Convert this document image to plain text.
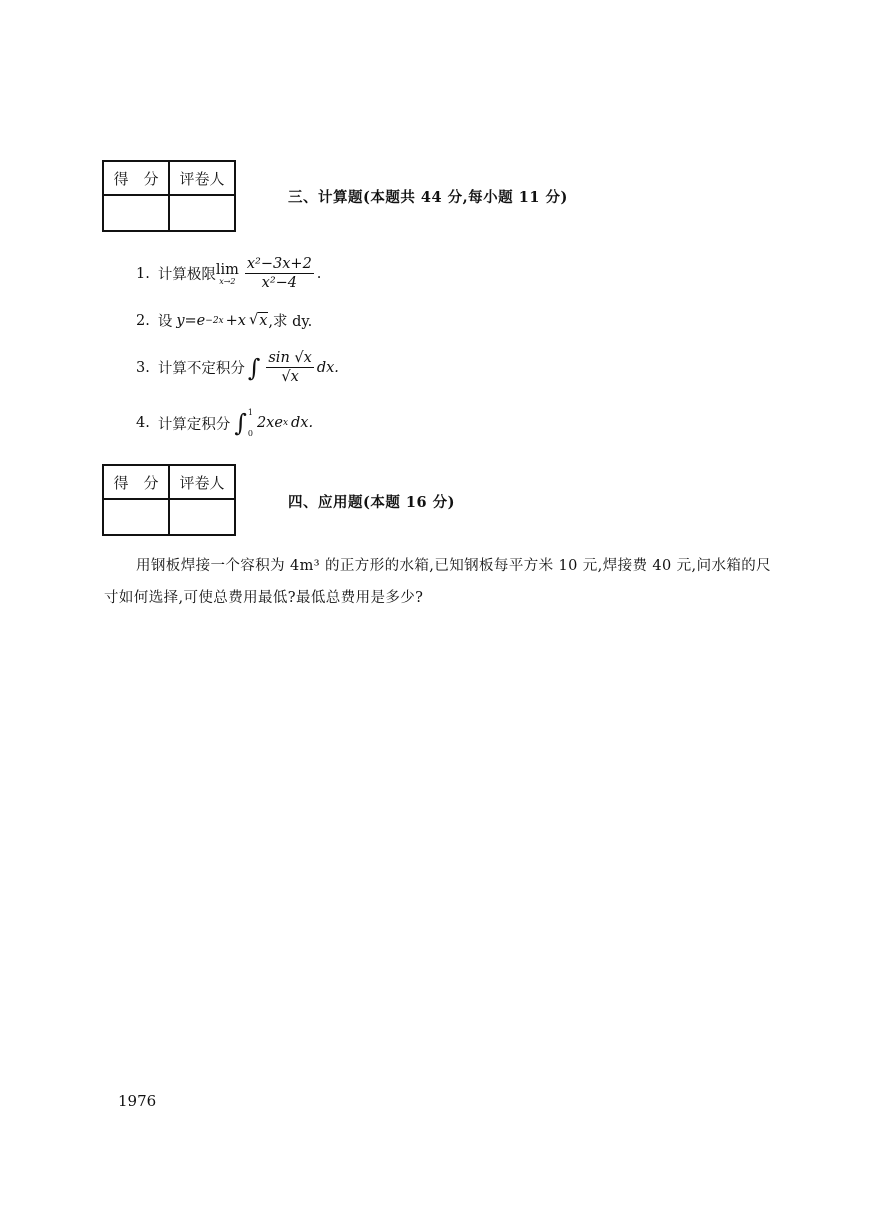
得　分	评卷人

三、计算题(本题共 44 分,每小题 11 分)
1. 计算极限 lim
$x\to 2 \frac{\text{x²−3x+2}}{\text{x²−4}}$ .
2. 设 y=e −2x +x √ x ,求 dy.
3. 计算不定积分 ∫ $\frac{\sin √x}{√x}$ dx.
4. 计算定积分 ∫ 1
0
2xe x dx.
得　分	评卷人

四、应用题(本题 16 分)
用钢板焊接一个容积为 4m³ 的正方形的水箱,已知钢板每平方米 10 元,焊接费 40 元,问水箱的尺寸如何选择,可使总费用最低?最低总费用是多少?
1976
